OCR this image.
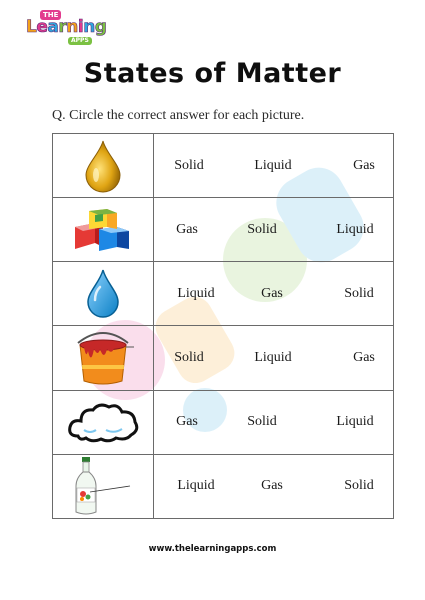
THE
Learning
APPS
States of Matter
Q. Circle the correct answer for each picture.

Solid Liquid Gas

Gas Solid Liquid

Liquid Gas Solid

Solid Liquid Gas

Gas Solid Liquid

Liquid Gas Solid
www.thelearningapps.com
